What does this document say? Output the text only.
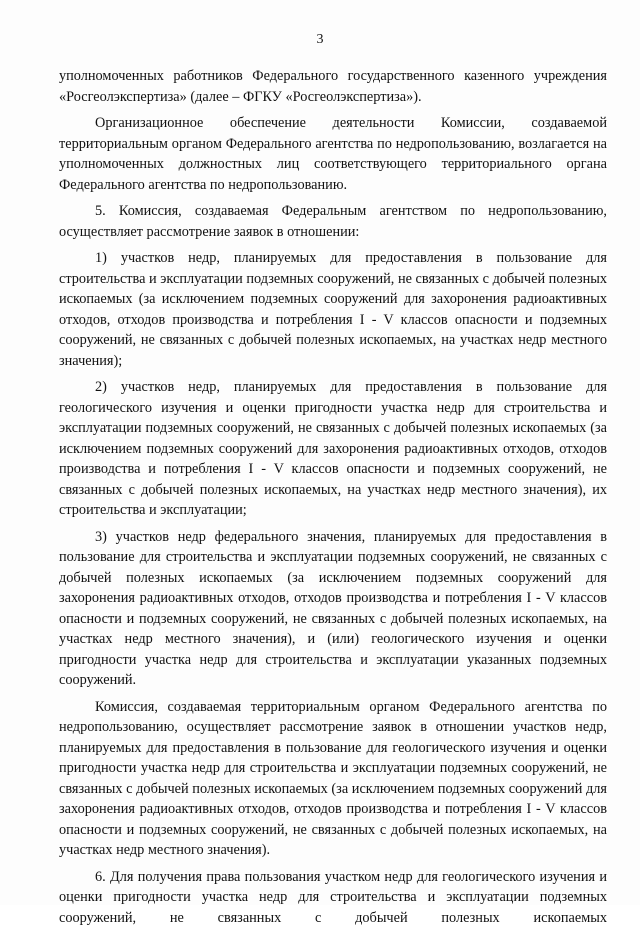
3

уполномоченных работников Федерального государственного казенного учреждения «Росгеолэкспертиза» (далее – ФГКУ «Росгеолэкспертиза»).

Организационное обеспечение деятельности Комиссии, создаваемой территориальным органом Федерального агентства по недропользованию, возлагается на уполномоченных должностных лиц соответствующего территориального органа Федерального агентства по недропользованию.

5. Комиссия, создаваемая Федеральным агентством по недропользованию, осуществляет рассмотрение заявок в отношении:

1) участков недр, планируемых для предоставления в пользование для строительства и эксплуатации подземных сооружений, не связанных с добычей полезных ископаемых (за исключением подземных сооружений для захоронения радиоактивных отходов, отходов производства и потребления I - V классов опасности и подземных сооружений, не связанных с добычей полезных ископаемых, на участках недр местного значения);

2) участков недр, планируемых для предоставления в пользование для геологического изучения и оценки пригодности участка недр для строительства и эксплуатации подземных сооружений, не связанных с добычей полезных ископаемых (за исключением подземных сооружений для захоронения радиоактивных отходов, отходов производства и потребления I - V классов опасности и подземных сооружений, не связанных с добычей полезных ископаемых, на участках недр местного значения), их строительства и эксплуатации;

3) участков недр федерального значения, планируемых для предоставления в пользование для строительства и эксплуатации подземных сооружений, не связанных с добычей полезных ископаемых (за исключением подземных сооружений для захоронения радиоактивных отходов, отходов производства и потребления I - V классов опасности и подземных сооружений, не связанных с добычей полезных ископаемых, на участках недр местного значения), и (или) геологического изучения и оценки пригодности участка недр для строительства и эксплуатации указанных подземных сооружений.

Комиссия, создаваемая территориальным органом Федерального агентства по недропользованию, осуществляет рассмотрение заявок в отношении участков недр, планируемых для предоставления в пользование для геологического изучения и оценки пригодности участка недр для строительства и эксплуатации подземных сооружений, не связанных с добычей полезных ископаемых (за исключением подземных сооружений для захоронения радиоактивных отходов, отходов производства и потребления I - V классов опасности и подземных сооружений, не связанных с добычей полезных ископаемых, на участках недр местного значения).

6. Для получения права пользования участком недр для геологического изучения и оценки пригодности участка недр для строительства и эксплуатации подземных сооружений, не связанных с добычей полезных ископаемых
